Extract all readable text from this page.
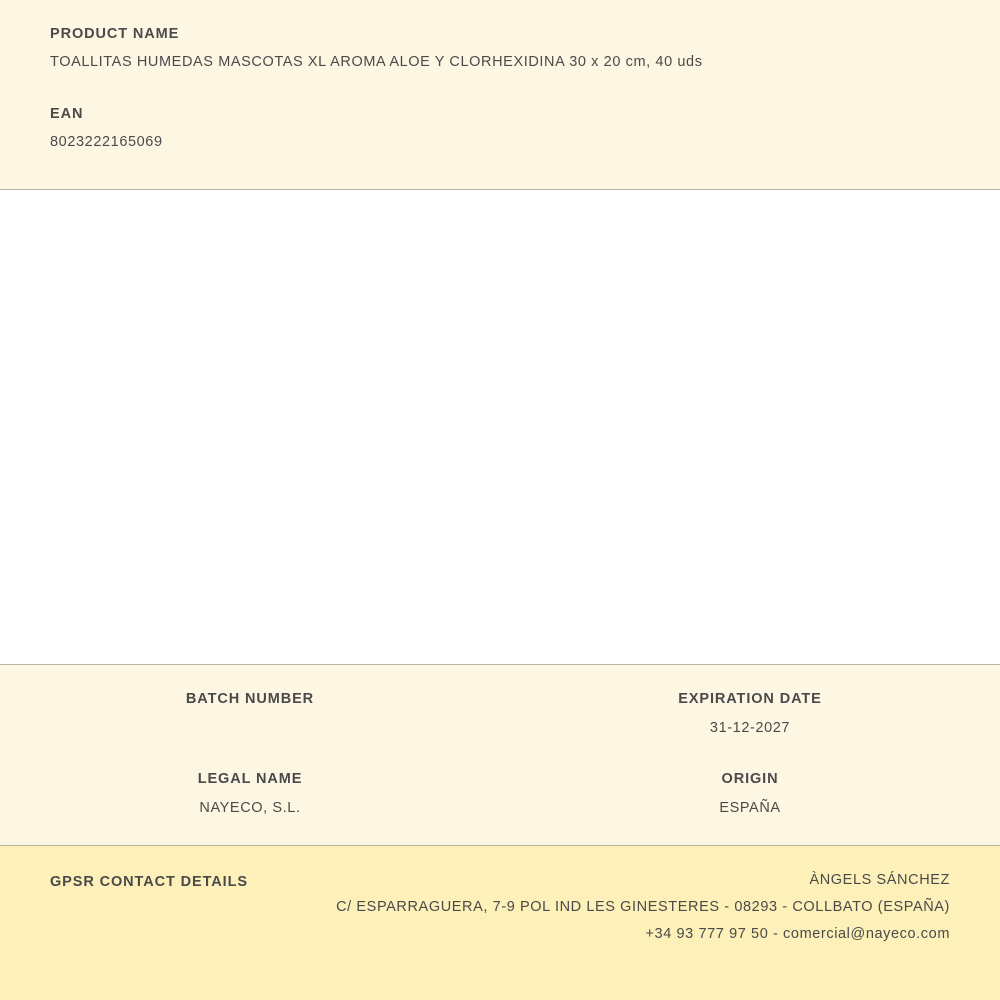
PRODUCT NAME

TOALLITAS HUMEDAS MASCOTAS XL AROMA ALOE Y CLORHEXIDINA 30 x 20 cm, 40 uds

EAN

8023222165069

BATCH NUMBER	EXPIRATION DATE

31-12-2027

LEGAL NAME

NAYECO, S.L.

ORIGIN

ESPAÑA

GPSR CONTACT DETAILS	ÀNGELS SÁNCHEZ

C/ ESPARRAGUERA, 7-9 POL IND LES GINESTERES - 08293 - COLLBATO (ESPAÑA)

+34 93 777 97 50 - comercial@nayeco.com
